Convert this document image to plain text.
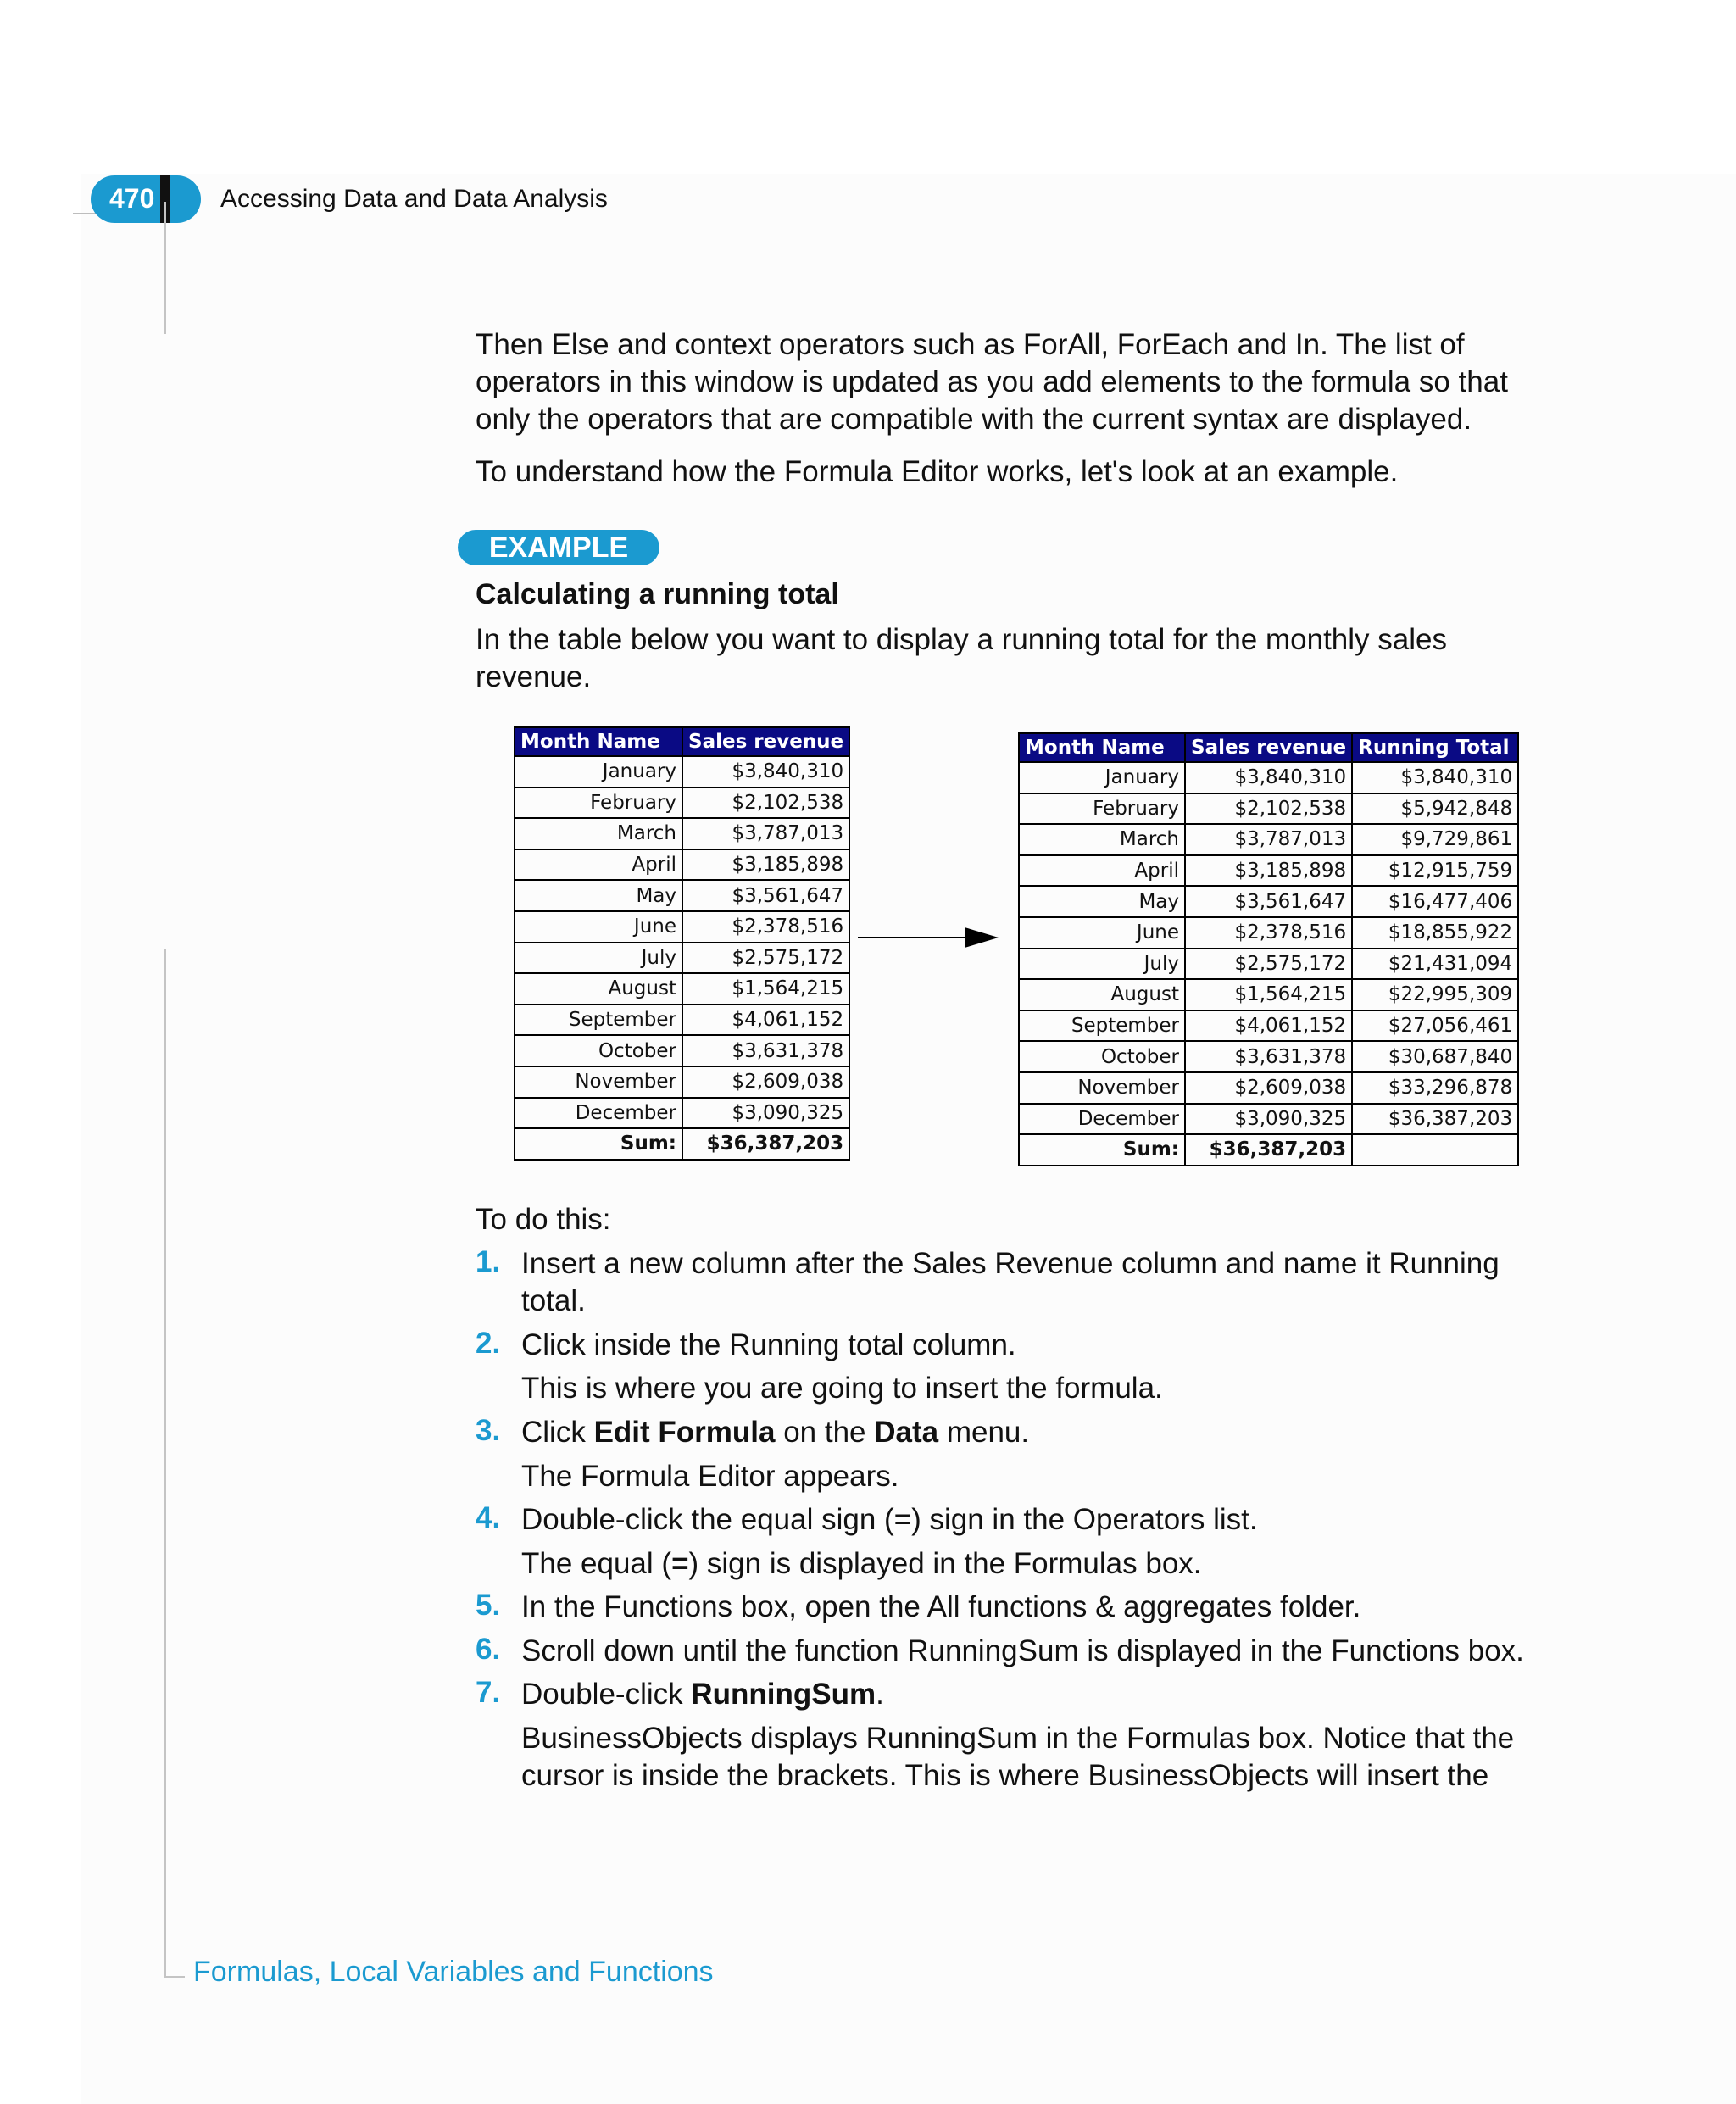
470	Accessing Data and Data Analysis

Then Else and context operators such as ForAll, ForEach and In. The list of
operators in this window is updated as you add elements to the formula so that
only the operators that are compatible with the current syntax are displayed.

To understand how the Formula Editor works, let's look at an example.

EXAMPLE
Calculating a running total

In the table below you want to display a running total for the monthly sales
revenue.

Month Name	Sales revenue
January	$3,840,310
February	$2,102,538
March	$3,787,013
April	$3,185,898
May	$3,561,647
June	$2,378,516
July	$2,575,172
August	$1,564,215
September	$4,061,152
October	$3,631,378
November	$2,609,038
December	$3,090,325
Sum:	$36,387,203
Month Name	Sales revenue	Running Total
January	$3,840,310	$3,840,310
February	$2,102,538	$5,942,848
March	$3,787,013	$9,729,861
April	$3,185,898	$12,915,759
May	$3,561,647	$16,477,406
June	$2,378,516	$18,855,922
July	$2,575,172	$21,431,094
August	$1,564,215	$22,995,309
September	$4,061,152	$27,056,461
October	$3,631,378	$30,687,840
November	$2,609,038	$33,296,878
December	$3,090,325	$36,387,203
Sum:	$36,387,203	

To do this:

1. Insert a new column after the Sales Revenue column and name it Running
total.

2. Click inside the Running total column.

This is where you are going to insert the formula.

3. Click Edit Formula on the Data menu.

The Formula Editor appears.

4. Double-click the equal sign (=) sign in the Operators list.

The equal (=) sign is displayed in the Formulas box.

5. In the Functions box, open the All functions & aggregates folder.

6. Scroll down until the function RunningSum is displayed in the Functions box.

7. Double-click RunningSum.

BusinessObjects displays RunningSum in the Formulas box. Notice that the
cursor is inside the brackets. This is where BusinessObjects will insert the

Formulas, Local Variables and Functions
